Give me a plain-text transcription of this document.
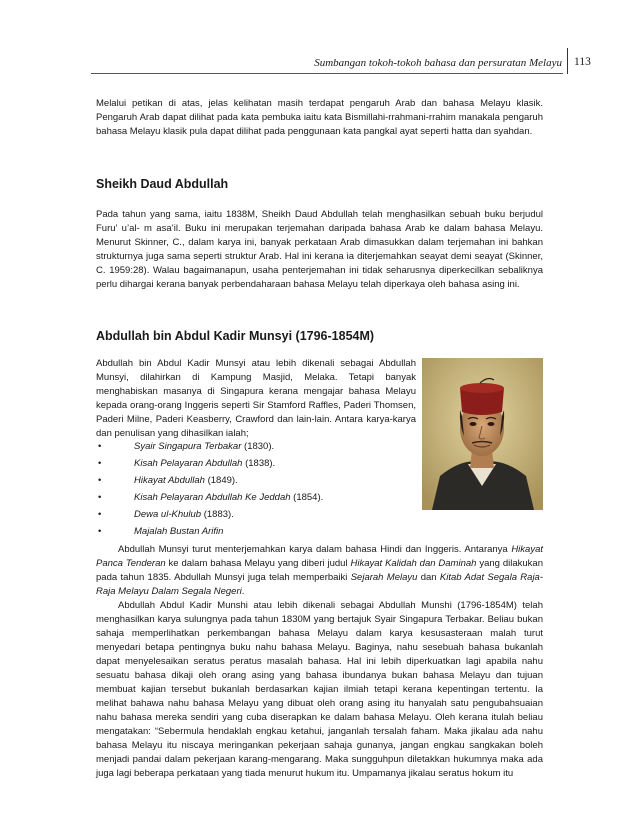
Sumbangan tokoh-tokoh bahasa dan persuratan Melayu 113

Melalui petikan di atas, jelas kelihatan masih terdapat pengaruh Arab dan bahasa Melayu klasik. Pengaruh Arab dapat dilihat pada kata pembuka iaitu kata Bismillahi-rrahmani-rrahim manakala pengaruh bahasa Melayu klasik pula dapat dilihat pada penggunaan kata pangkal ayat seperti hatta dan syahdan.

Sheikh Daud Abdullah

Pada tahun yang sama, iaitu 1838M, Sheikh Daud Abdullah telah menghasilkan sebuah buku berjudul Furu’ u’al- m asa’il. Buku ini merupakan terjemahan daripada bahasa Arab ke dalam bahasa Melayu. Menurut Skinner, C., dalam karya ini, banyak perkataan Arab dimasukkan dalam terjemahan ini bahkan strukturnya juga sama seperti struktur Arab. Hal ini kerana ia diterjemahkan seayat demi seayat (Skinner, C. 1959:28). Walau bagaimanapun, usaha penterjemahan ini tidak seharusnya diperkecilkan sebaliknya perlu dihargai kerana banyak perbendaharaan bahasa Melayu telah diperkaya oleh bahasa asing ini.

Abdullah bin Abdul Kadir Munsyi (1796-1854M)

Abdullah bin Abdul Kadir Munsyi atau lebih dikenali sebagai Abdullah Munsyi, dilahirkan di Kampung Masjid, Melaka. Tetapi banyak menghabiskan masanya di Singapura kerana mengajar bahasa Melayu kepada orang-orang Inggeris seperti Sir Stamford Raffles, Paderi Thomsen, Paderi Milne, Paderi Keasberry, Crawford dan lain-lain. Antara karya-karya dan penulisan yang dihasilkan ialah;

•	Syair Singapura Terbakar (1830).
•	Kisah Pelayaran Abdullah (1838).
•	Hikayat Abdullah (1849).
•	Kisah Pelayaran Abdullah Ke Jeddah (1854).
•	Dewa ul-Khulub (1883).
•	Majalah Bustan Arifin

Abdullah Munsyi turut menterjemahkan karya dalam bahasa Hindi dan Inggeris. Antaranya Hikayat Panca Tenderan ke dalam bahasa Melayu yang diberi judul Hikayat Kalidah dan Daminah yang dilakukan pada tahun 1835. Abdullah Munsyi juga telah memperbaiki Sejarah Melayu dan Kitab Adat Segala Raja-Raja Melayu Dalam Segala Negeri.

Abdullah Abdul Kadir Munshi atau lebih dikenali sebagai Abdullah Munshi (1796-1854M) telah menghasilkan karya sulungnya pada tahun 1830M yang bertajuk Syair Singapura Terbakar. Beliau bukan sahaja memperlihatkan perkembangan bahasa Melayu dalam karya kesusasteraan malah turut menyedari betapa pentingnya buku nahu bahasa Melayu. Baginya, nahu sesebuah bahasa bukanlah dapat menyelesaikan seratus peratus masalah bahasa. Hal ini lebih diperkuatkan lagi apabila nahu sesuatu bahasa dikaji oleh orang asing yang bahasa ibundanya bukan bahasa Melayu dan tujuan membuat kajian tersebut bukanlah berdasarkan kajian ilmiah tetapi kerana kepentingan tertentu. Ia melihat bahawa nahu bahasa Melayu yang dibuat oleh orang asing itu hanyalah satu pengubahsuaian nahu bahasa mereka sendiri yang cuba diserapkan ke dalam bahasa Melayu. Oleh kerana itulah beliau mengatakan: “Sebermula hendaklah engkau ketahui, janganlah tersalah faham. Maka jikalau ada nahu bahasa Melayu itu niscaya meringankan pekerjaan sahaja gunanya, jangan engkau sangkakan boleh menjadi pandai dalam pekerjaan karang-mengarang. Maka sungguhpun diletakkan hukumnya maka ada juga lagi beberapa perkataan yang tiada menurut hukum itu. Umpamanya jikalau seratus hokum itu
